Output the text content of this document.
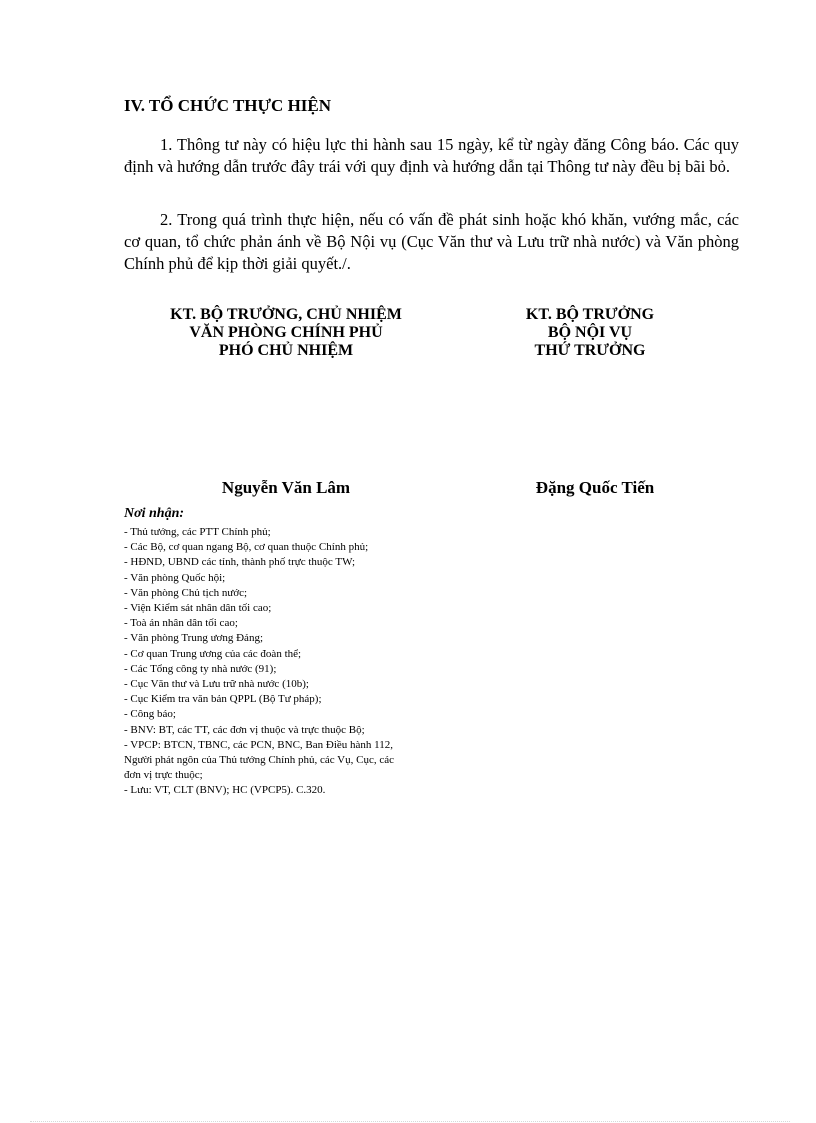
IV. TỔ CHỨC THỰC HIỆN

1. Thông tư này có hiệu lực thi hành sau 15 ngày, kể từ ngày đăng Công báo. Các quy định và hướng dẫn trước đây trái với quy định và hướng dẫn tại Thông tư này đều bị bãi bỏ.

2. Trong quá trình thực hiện, nếu có vấn đề phát sinh hoặc khó khăn, vướng mắc, các cơ quan, tổ chức phản ánh về Bộ Nội vụ (Cục Văn thư và Lưu trữ nhà nước) và Văn phòng Chính phủ để kịp thời giải quyết./.

KT. BỘ TRƯỞNG, CHỦ NHIỆM
VĂN PHÒNG CHÍNH PHỦ
PHÓ CHỦ NHIỆM
KT. BỘ TRƯỞNG
BỘ NỘI VỤ
THỨ TRƯỞNG
Nguyễn Văn Lâm	Đặng Quốc Tiến
Nơi nhận:
- Thủ tướng, các PTT Chính phủ;
- Các Bộ, cơ quan ngang Bộ, cơ quan thuộc Chính phủ;
- HĐND, UBND các tỉnh, thành phố trực thuộc TW;
- Văn phòng Quốc hội;
- Văn phòng Chủ tịch nước;
- Viện Kiểm sát nhân dân tối cao;
- Toà án nhân dân tối cao;
- Văn phòng Trung ương Đảng;
- Cơ quan Trung ương của các đoàn thể;
- Các Tổng công ty nhà nước (91);
- Cục Văn thư và Lưu trữ nhà nước (10b);
- Cục Kiểm tra văn bản QPPL (Bộ Tư pháp);
- Công báo;
- BNV: BT, các TT, các đơn vị thuộc và trực thuộc Bộ;
- VPCP: BTCN, TBNC, các PCN, BNC, Ban Điều hành 112,
Người phát ngôn của Thủ tướng Chính phủ, các Vụ, Cục, các
đơn vị trực thuộc;
- Lưu: VT, CLT (BNV); HC (VPCP5). C.320.
